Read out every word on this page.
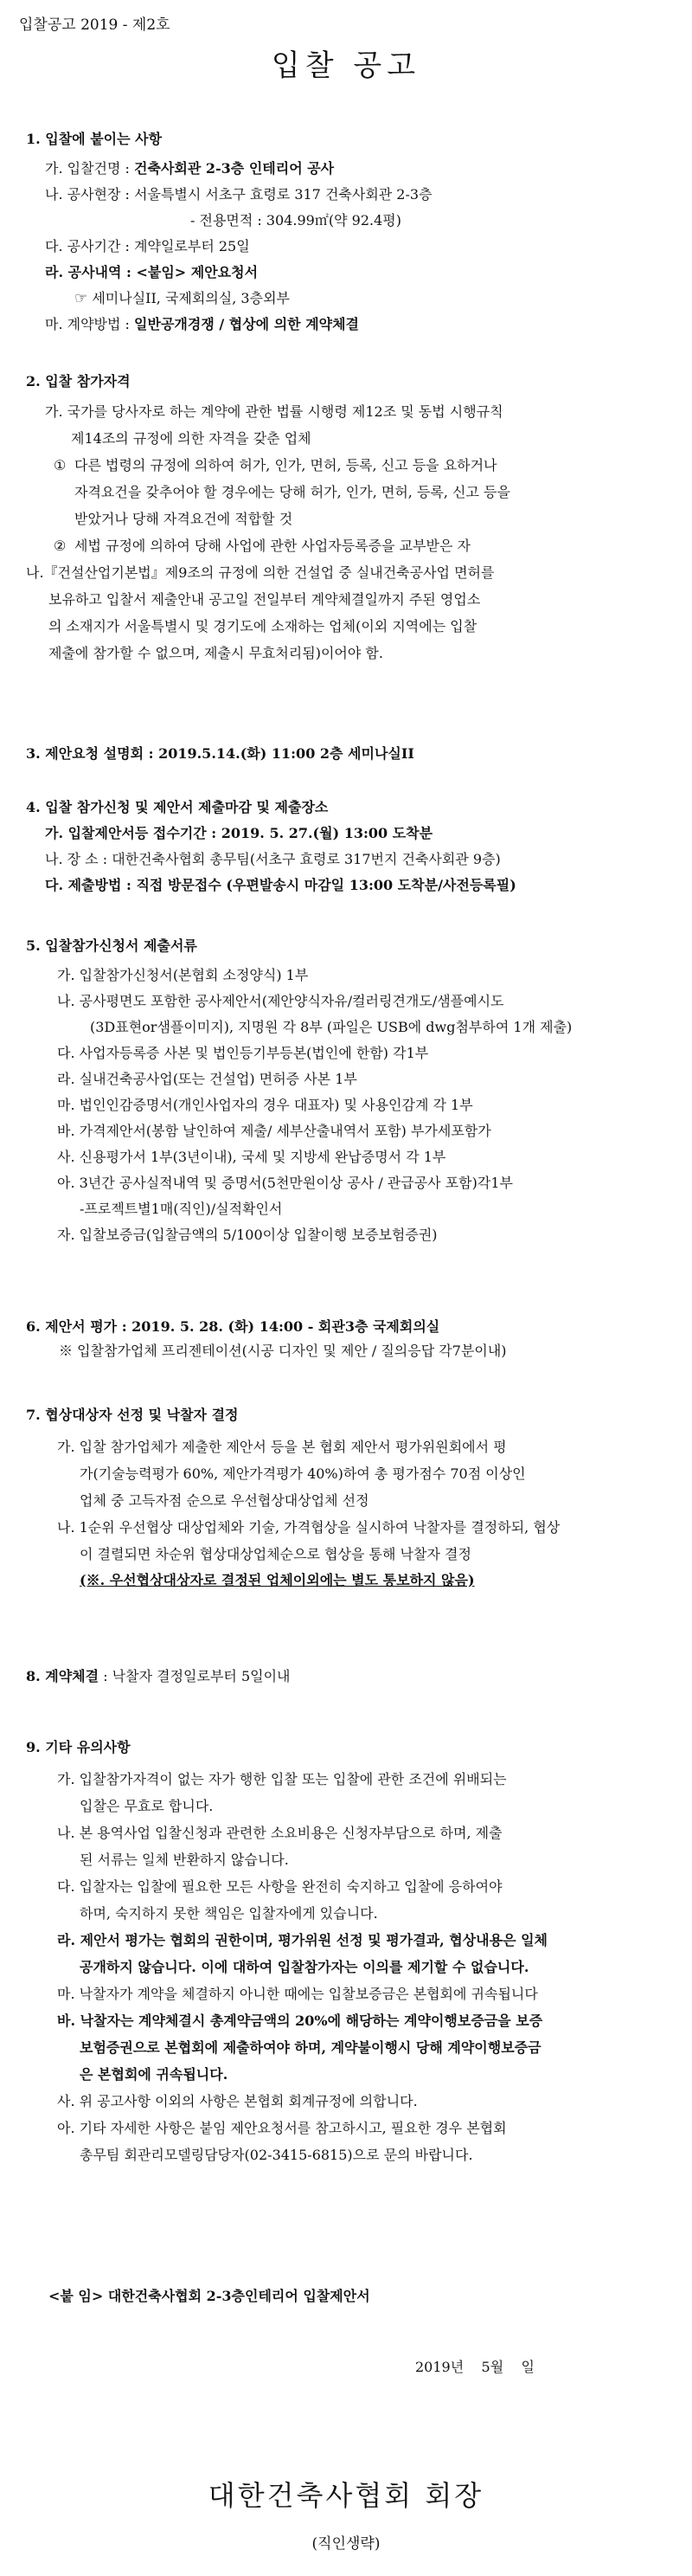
입찰공고 2019 - 제2호
입찰 공고
1. 입찰에 붙이는 사항
가. 입찰건명 : 건축사회관 2-3층 인테리어 공사
나. 공사현장 : 서울특별시 서초구 효령로 317 건축사회관 2-3층
- 전용면적 : 304.99㎡(약 92.4평)
다. 공사기간 : 계약일로부터 25일
라. 공사내역 : <붙임> 제안요청서
☞ 세미나실II, 국제회의실, 3층외부
마. 계약방법 : 일반공개경쟁 / 협상에 의한 계약체결
2. 입찰 참가자격
가. 국가를 당사자로 하는 계약에 관한 법률 시행령 제12조 및 동법 시행규칙
제14조의 규정에 의한 자격을 갖춘 업체
① 다른 법령의 규정에 의하여 허가, 인가, 면허, 등록, 신고 등을 요하거나
자격요건을 갖추어야 할 경우에는 당해 허가, 인가, 면허, 등록, 신고 등을
받았거나 당해 자격요건에 적합할 것
② 세법 규정에 의하여 당해 사업에 관한 사업자등록증을 교부받은 자
나.『건설산업기본법』제9조의 규정에 의한 건설업 중 실내건축공사업 면허를
보유하고 입찰서 제출안내 공고일 전일부터 계약체결일까지 주된 영업소
의 소재지가 서울특별시 및 경기도에 소재하는 업체(이외 지역에는 입찰
제출에 참가할 수 없으며, 제출시 무효처리됨)이어야 함.
3. 제안요청 설명회 : 2019.5.14.(화) 11:00 2층 세미나실II
4. 입찰 참가신청 및 제안서 제출마감 및 제출장소
가. 입찰제안서등 접수기간 : 2019. 5. 27.(월) 13:00 도착분
나. 장 소 : 대한건축사협회 총무팀(서초구 효령로 317번지 건축사회관 9층)
다. 제출방법 : 직접 방문접수 (우편발송시 마감일 13:00 도착분/사전등록필)
5. 입찰참가신청서 제출서류
가. 입찰참가신청서(본협회 소정양식) 1부
나. 공사평면도 포함한 공사제안서(제안양식자유/컬러링견개도/샘플예시도
(3D표현or샘플이미지), 지명원 각 8부 (파일은 USB에 dwg첨부하여 1개 제출)
다. 사업자등록증 사본 및 법인등기부등본(법인에 한함) 각1부
라. 실내건축공사업(또는 건설업) 면허증 사본 1부
마. 법인인감증명서(개인사업자의 경우 대표자) 및 사용인감계 각 1부
바. 가격제안서(봉함 날인하여 제출/ 세부산출내역서 포함) 부가세포함가
사. 신용평가서 1부(3년이내), 국세 및 지방세 완납증명서 각 1부
아. 3년간 공사실적내역 및 증명서(5천만원이상 공사 / 관급공사 포함)각1부
-프로젝트별1매(직인)/실적확인서
자. 입찰보증금(입찰금액의 5/100이상 입찰이행 보증보험증권)
6. 제안서 평가 : 2019. 5. 28. (화) 14:00 - 회관3층 국제회의실
※ 입찰참가업체 프리젠테이션(시공 디자인 및 제안 / 질의응답 각7분이내)
7. 협상대상자 선정 및 낙찰자 결정
가. 입찰 참가업체가 제출한 제안서 등을 본 협회 제안서 평가위원회에서 평
가(기술능력평가 60%, 제안가격평가 40%)하여 총 평가점수 70점 이상인
업체 중 고득자점 순으로 우선협상대상업체 선정
나. 1순위 우선협상 대상업체와 기술, 가격협상을 실시하여 낙찰자를 결정하되, 협상
이 결렬되면 차순위 협상대상업체순으로 협상을 통해 낙찰자 결정
(※. 우선협상대상자로 결정된 업체이외에는 별도 통보하지 않음)
8. 계약체결 : 낙찰자 결정일로부터 5일이내
9. 기타 유의사항
가. 입찰참가자격이 없는 자가 행한 입찰 또는 입찰에 관한 조건에 위배되는
입찰은 무효로 합니다.
나. 본 용역사업 입찰신청과 관련한 소요비용은 신청자부담으로 하며, 제출
된 서류는 일체 반환하지 않습니다.
다. 입찰자는 입찰에 필요한 모든 사항을 완전히 숙지하고 입찰에 응하여야
하며, 숙지하지 못한 책임은 입찰자에게 있습니다.
라. 제안서 평가는 협회의 권한이며, 평가위원 선정 및 평가결과, 협상내용은 일체
공개하지 않습니다. 이에 대하여 입찰참가자는 이의를 제기할 수 없습니다.
마. 낙찰자가 계약을 체결하지 아니한 때에는 입찰보증금은 본협회에 귀속됩니다
바. 낙찰자는 계약체결시 총계약금액의 20%에 해당하는 계약이행보증금을 보증
보험증권으로 본협회에 제출하여야 하며, 계약불이행시 당해 계약이행보증금
은 본협회에 귀속됩니다.
사. 위 공고사항 이외의 사항은 본협회 회계규정에 의합니다.
아. 기타 자세한 사항은 붙임 제안요청서를 참고하시고, 필요한 경우 본협회
총무팀 회관리모델링담당자(02-3415-6815)으로 문의 바랍니다.
<붙 임> 대한건축사협회 2-3층인테리어 입찰제안서
2019년    5월    일
대한건축사협회 회장
(직인생략)
